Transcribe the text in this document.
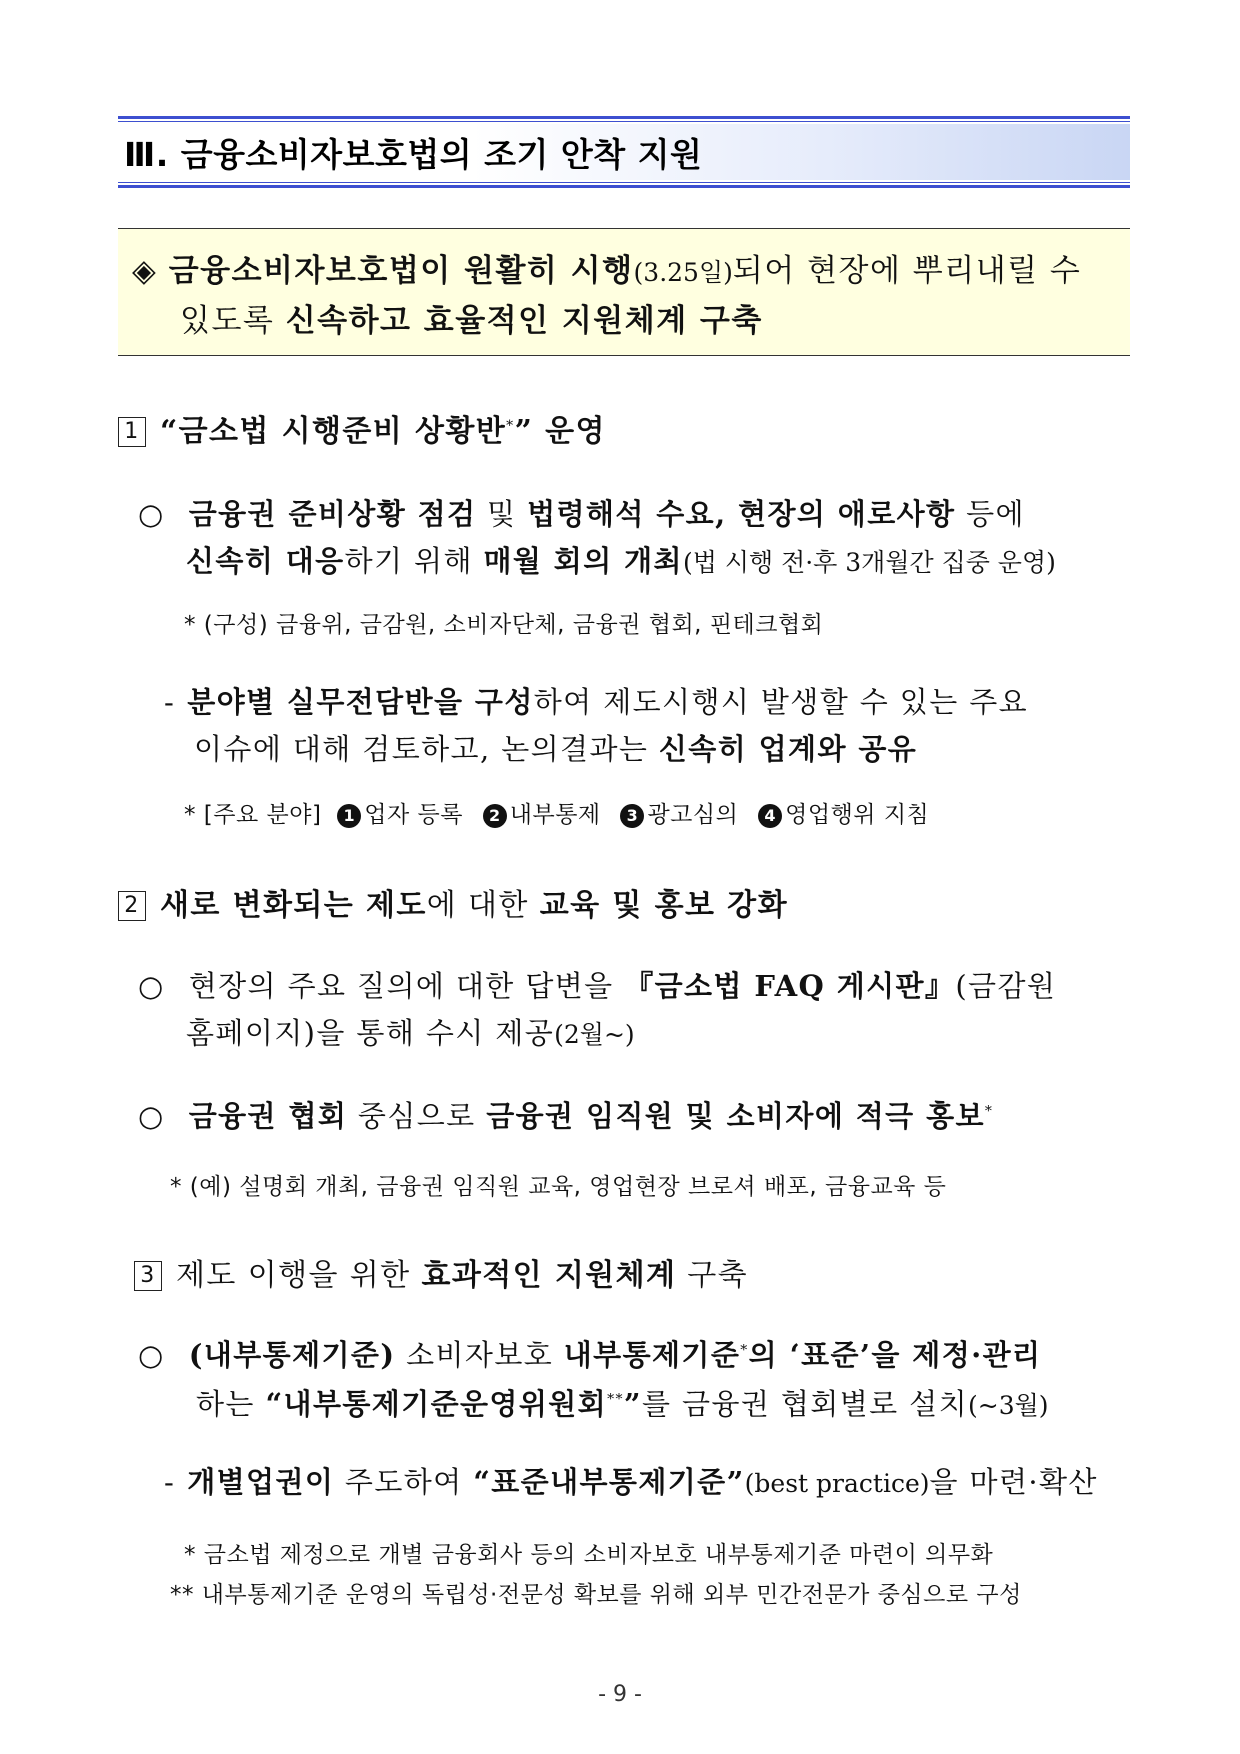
Ⅲ. 금융소비자보호법의 조기 안착 지원
◈ 금융소비자보호법이 원활히 시행(3.25일)되어 현장에 뿌리내릴 수
있도록 신속하고 효율적인 지원체계 구축
1 “금소법 시행준비 상황반*” 운영
○ 금융권 준비상황 점검 및 법령해석 수요, 현장의 애로사항 등에
신속히 대응하기 위해 매월 회의 개최(법 시행 전·후 3개월간 집중 운영)
* (구성) 금융위, 금감원, 소비자단체, 금융권 협회, 핀테크협회
- 분야별 실무전담반을 구성하여 제도시행시 발생할 수 있는 주요
이슈에 대해 검토하고, 논의결과는 신속히 업계와 공유
* [주요 분야] 1 업자 등록 2 내부통제 3 광고심의 4 영업행위 지침
2 새로 변화되는 제도에 대한 교육 및 홍보 강화
○ 현장의 주요 질의에 대한 답변을 『금소법 FAQ 게시판』(금감원
홈페이지)을 통해 수시 제공(2월~)
○ 금융권 협회 중심으로 금융권 임직원 및 소비자에 적극 홍보*
* (예) 설명회 개최, 금융권 임직원 교육, 영업현장 브로셔 배포, 금융교육 등
3 제도 이행을 위한 효과적인 지원체계 구축
○ (내부통제기준) 소비자보호 내부통제기준*의 ‘표준’을 제정·관리
하는 “내부통제기준운영위원회**”를 금융권 협회별로 설치(~3월)
- 개별업권이 주도하여 “표준내부통제기준”(best practice)을 마련·확산
* 금소법 제정으로 개별 금융회사 등의 소비자보호 내부통제기준 마련이 의무화
** 내부통제기준 운영의 독립성·전문성 확보를 위해 외부 민간전문가 중심으로 구성
- 9 -
